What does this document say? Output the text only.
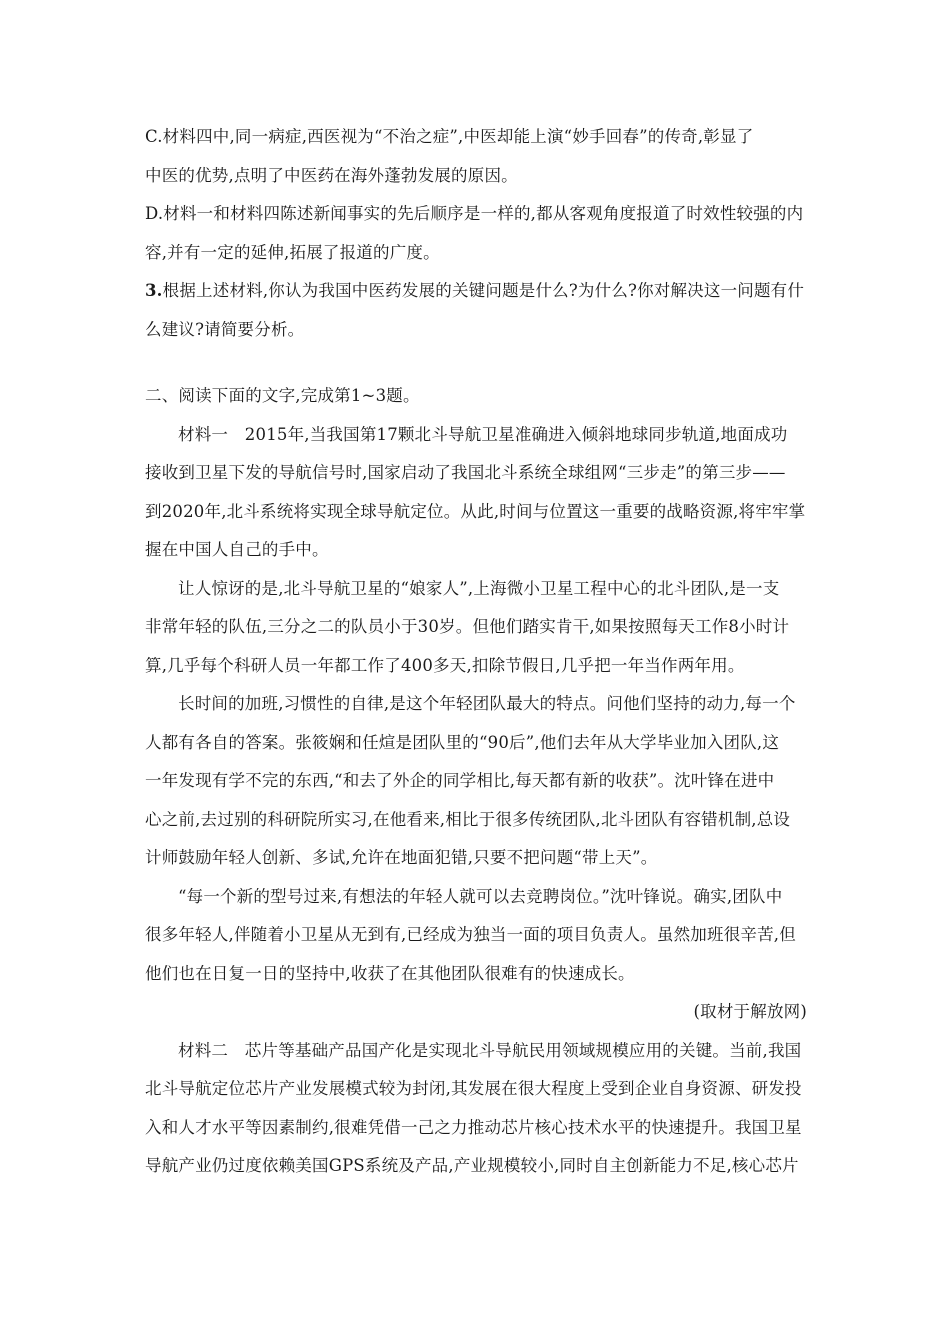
C.材料四中,同一病症,西医视为“不治之症”,中医却能上演“妙手回春”的传奇,彰显了
中医的优势,点明了中医药在海外蓬勃发展的原因。
D.材料一和材料四陈述新闻事实的先后顺序是一样的,都从客观角度报道了时效性较强的内
容,并有一定的延伸,拓展了报道的广度。
3.根据上述材料,你认为我国中医药发展的关键问题是什么?为什么?你对解决这一问题有什
么建议?请简要分析。
二、阅读下面的文字,完成第1~3题。
材料一　2015年,当我国第17颗北斗导航卫星准确进入倾斜地球同步轨道,地面成功
接收到卫星下发的导航信号时,国家启动了我国北斗系统全球组网“三步走”的第三步——
到2020年,北斗系统将实现全球导航定位。从此,时间与位置这一重要的战略资源,将牢牢掌
握在中国人自己的手中。
让人惊讶的是,北斗导航卫星的“娘家人”,上海微小卫星工程中心的北斗团队,是一支
非常年轻的队伍,三分之二的队员小于30岁。但他们踏实肯干,如果按照每天工作8小时计
算,几乎每个科研人员一年都工作了400多天,扣除节假日,几乎把一年当作两年用。
长时间的加班,习惯性的自律,是这个年轻团队最大的特点。问他们坚持的动力,每一个
人都有各自的答案。张筱娴和任煊是团队里的“90后”,他们去年从大学毕业加入团队,这
一年发现有学不完的东西,“和去了外企的同学相比,每天都有新的收获”。沈叶锋在进中
心之前,去过别的科研院所实习,在他看来,相比于很多传统团队,北斗团队有容错机制,总设
计师鼓励年轻人创新、多试,允许在地面犯错,只要不把问题“带上天”。
“每一个新的型号过来,有想法的年轻人就可以去竞聘岗位。”沈叶锋说。确实,团队中
很多年轻人,伴随着小卫星从无到有,已经成为独当一面的项目负责人。虽然加班很辛苦,但
他们也在日复一日的坚持中,收获了在其他团队很难有的快速成长。
(取材于解放网)
材料二　芯片等基础产品国产化是实现北斗导航民用领域规模应用的关键。当前,我国
北斗导航定位芯片产业发展模式较为封闭,其发展在很大程度上受到企业自身资源、研发投
入和人才水平等因素制约,很难凭借一己之力推动芯片核心技术水平的快速提升。我国卫星
导航产业仍过度依赖美国GPS系统及产品,产业规模较小,同时自主创新能力不足,核心芯片
